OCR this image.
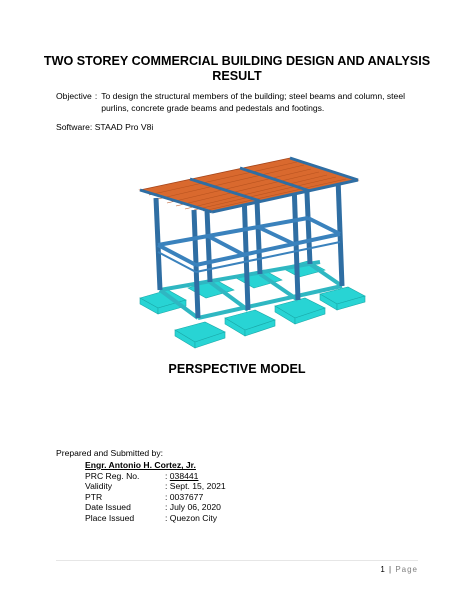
TWO STOREY COMMERCIAL BUILDING DESIGN AND ANALYSIS
RESULT
Objective : To design the structural members of the building; steel beams and column, steel purlins, concrete grade beams and pedestals and footings.
Software: STAAD Pro V8i
PERSPECTIVE MODEL
Prepared and Submitted by:
Engr. Antonio H. Cortez, Jr.
PRC Reg. No.	: 038441
Validity	: Sept. 15, 2021
PTR	: 0037677
Date Issued	: July 06, 2020
Place Issued	: Quezon City
1 | Page
